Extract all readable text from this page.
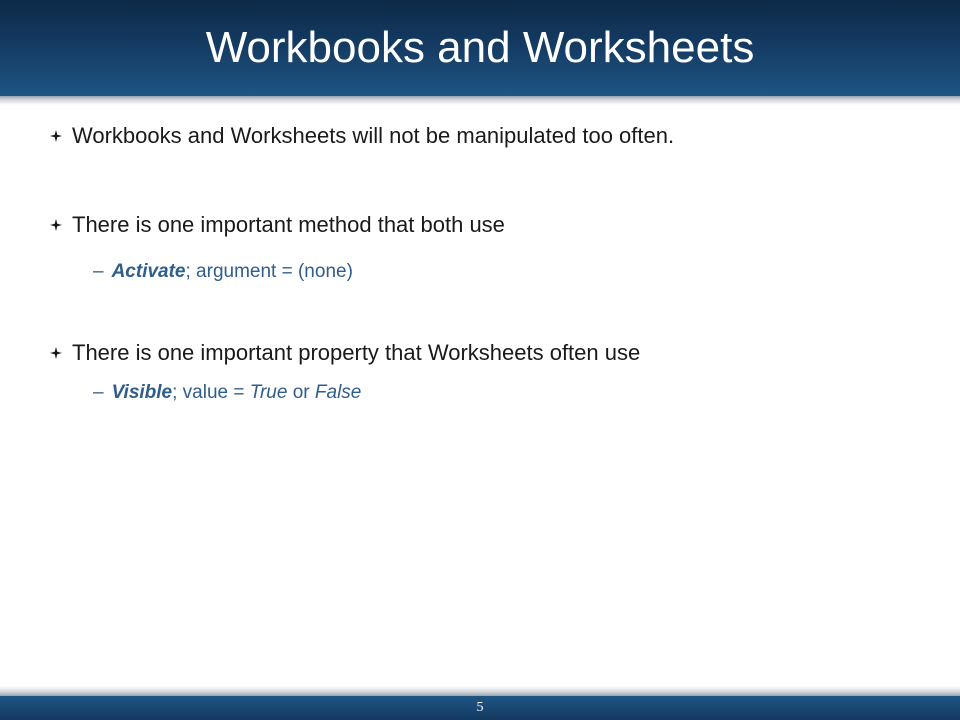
Workbooks and Worksheets
Workbooks and Worksheets will not be manipulated too often.
There is one important method that both use
– Activate ; argument = (none)
There is one important property that Worksheets often use
– Visible ; value = True or False
5
